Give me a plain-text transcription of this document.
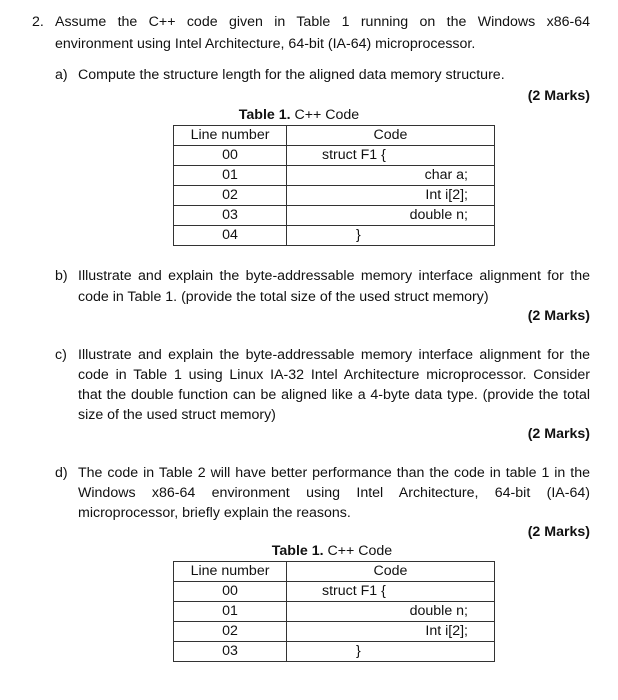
2. Assume the C++ code given in Table 1 running on the Windows x86-64
environment using Intel Architecture, 64-bit (IA-64) microprocessor.
a) Compute the structure length for the aligned data memory structure.
(2 Marks)
Table 1. C++ Code
Line number	Code
00	struct F1 {
01	char a;
02	Int i[2];
03	double n;
04	}
b) Illustrate and explain the byte-addressable memory interface alignment for the
code in Table 1. (provide the total size of the used struct memory)
(2 Marks)
c) Illustrate and explain the byte-addressable memory interface alignment for the
code in Table 1 using Linux IA-32 Intel Architecture microprocessor. Consider
that the double function can be aligned like a 4-byte data type. (provide the total
size of the used struct memory)
(2 Marks)
d) The code in Table 2 will have better performance than the code in table 1 in the
Windows x86-64 environment using Intel Architecture, 64-bit (IA-64)
microprocessor, briefly explain the reasons.
(2 Marks)
Table 1. C++ Code
Line number	Code
00	struct F1 {
01	double n;
02	Int i[2];
03	}
